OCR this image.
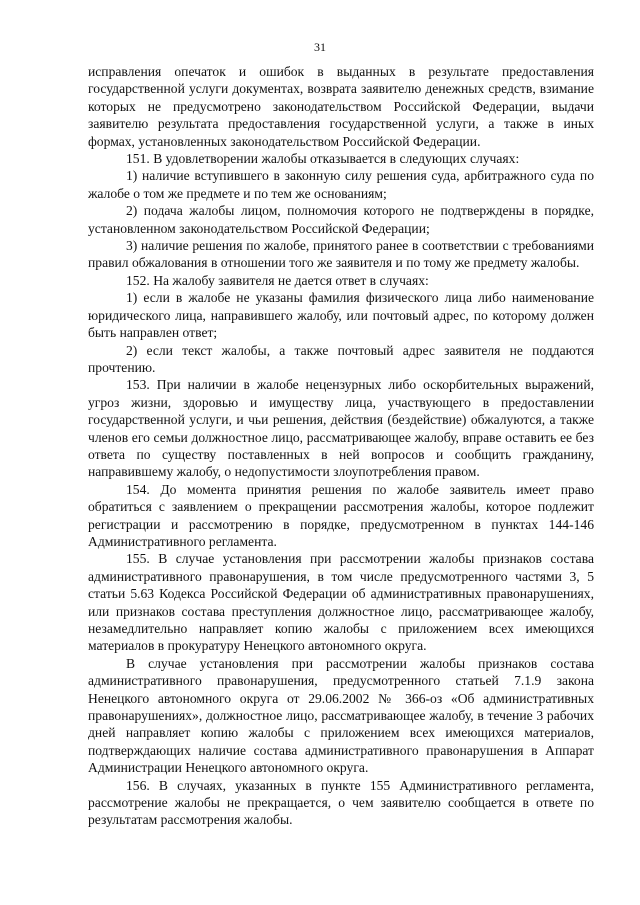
31

исправления опечаток и ошибок в выданных в результате предоставления государственной услуги документах, возврата заявителю денежных средств, взимание которых не предусмотрено законодательством Российской Федерации, выдачи заявителю результата предоставления государственной услуги, а также в иных формах, установленных законодательством Российской Федерации.

151. В удовлетворении жалобы отказывается в следующих случаях:

1) наличие вступившего в законную силу решения суда, арбитражного суда по жалобе о том же предмете и по тем же основаниям;

2) подача жалобы лицом, полномочия которого не подтверждены в порядке, установленном законодательством Российской Федерации;

3) наличие решения по жалобе, принятого ранее в соответствии с требованиями правил обжалования в отношении того же заявителя и по тому же предмету жалобы.

152. На жалобу заявителя не дается ответ в случаях:

1) если в жалобе не указаны фамилия физического лица либо наименование юридического лица, направившего жалобу, или почтовый адрес, по которому должен быть направлен ответ;

2) если текст жалобы, а также почтовый адрес заявителя не поддаются прочтению.

153. При наличии в жалобе нецензурных либо оскорбительных выражений, угроз жизни, здоровью и имуществу лица, участвующего в предоставлении государственной услуги, и чьи решения, действия (бездействие) обжалуются, а также членов его семьи должностное лицо, рассматривающее жалобу, вправе оставить ее без ответа по существу поставленных в ней вопросов и сообщить гражданину, направившему жалобу, о недопустимости злоупотребления правом.

154. До момента принятия решения по жалобе заявитель имеет право обратиться с заявлением о прекращении рассмотрения жалобы, которое подлежит регистрации и рассмотрению в порядке, предусмотренном в пунктах 144-146 Административного регламента.

155. В случае установления при рассмотрении жалобы признаков состава административного правонарушения, в том числе предусмотренного частями 3, 5 статьи 5.63 Кодекса Российской Федерации об административных правонарушениях, или признаков состава преступления должностное лицо, рассматривающее жалобу, незамедлительно направляет копию жалобы с приложением всех имеющихся материалов в прокуратуру Ненецкого автономного округа.

В случае установления при рассмотрении жалобы признаков состава административного правонарушения, предусмотренного статьей 7.1.9 закона Ненецкого автономного округа от 29.06.2002 № 366-оз «Об административных правонарушениях», должностное лицо, рассматривающее жалобу, в течение 3 рабочих дней направляет копию жалобы с приложением всех имеющихся материалов, подтверждающих наличие состава административного правонарушения в Аппарат Администрации Ненецкого автономного округа.

156. В случаях, указанных в пункте 155 Административного регламента, рассмотрение жалобы не прекращается, о чем заявителю сообщается в ответе по результатам рассмотрения жалобы.
